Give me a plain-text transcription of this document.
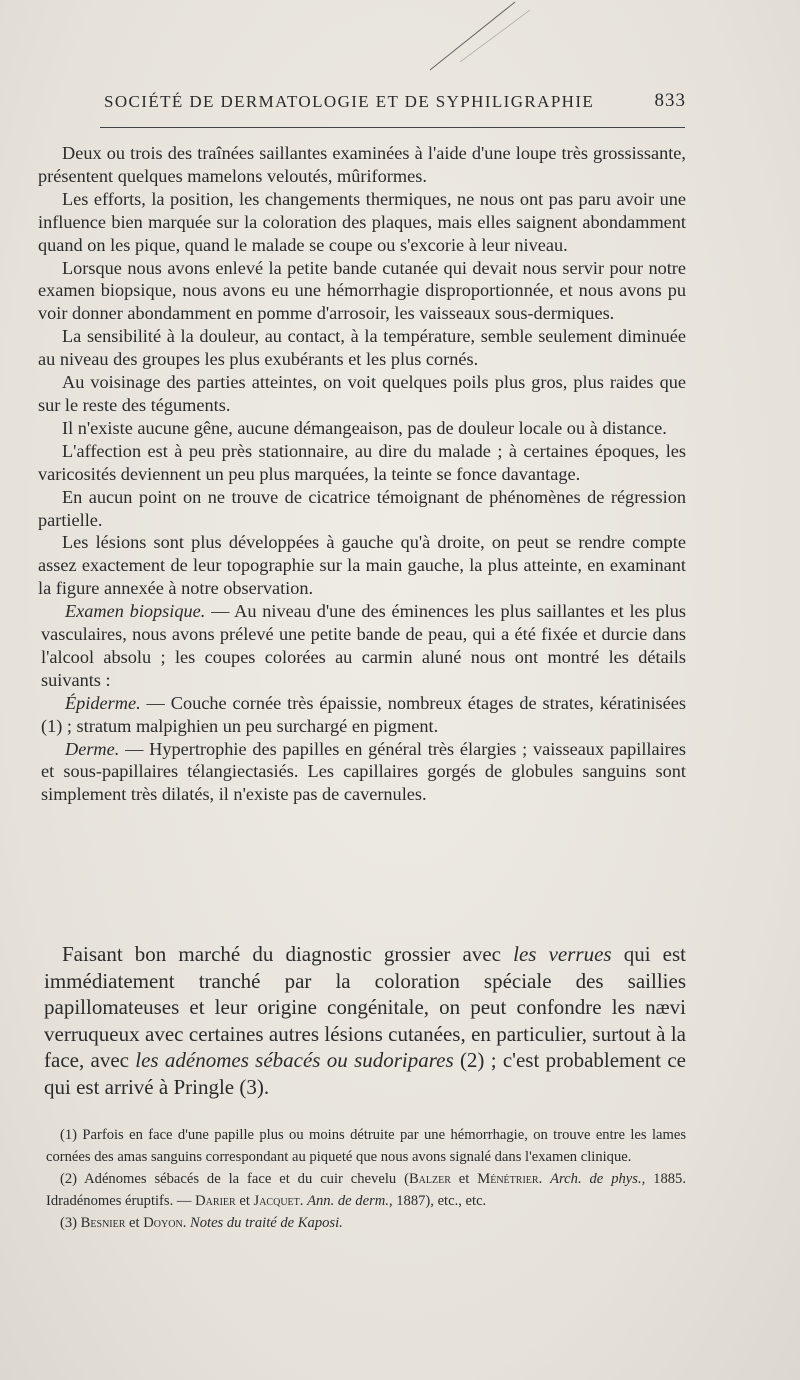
SOCIÉTÉ DE DERMATOLOGIE ET DE SYPHILIGRAPHIE	833

Deux ou trois des traînées saillantes examinées à l'aide d'une loupe très grossissante, présentent quelques mamelons veloutés, mûriformes.

Les efforts, la position, les changements thermiques, ne nous ont pas paru avoir une influence bien marquée sur la coloration des plaques, mais elles saignent abondamment quand on les pique, quand le malade se coupe ou s'excorie à leur niveau.

Lorsque nous avons enlevé la petite bande cutanée qui devait nous servir pour notre examen biopsique, nous avons eu une hémorrhagie disproportionnée, et nous avons pu voir donner abondamment en pomme d'arrosoir, les vaisseaux sous-dermiques.

La sensibilité à la douleur, au contact, à la température, semble seulement diminuée au niveau des groupes les plus exubérants et les plus cornés.

Au voisinage des parties atteintes, on voit quelques poils plus gros, plus raides que sur le reste des téguments.

Il n'existe aucune gêne, aucune démangeaison, pas de douleur locale ou à distance.

L'affection est à peu près stationnaire, au dire du malade ; à certaines époques, les varicosités deviennent un peu plus marquées, la teinte se fonce davantage.

En aucun point on ne trouve de cicatrice témoignant de phénomènes de régression partielle.

Les lésions sont plus développées à gauche qu'à droite, on peut se rendre compte assez exactement de leur topographie sur la main gauche, la plus atteinte, en examinant la figure annexée à notre observation.

Examen biopsique. — Au niveau d'une des éminences les plus saillantes et les plus vasculaires, nous avons prélevé une petite bande de peau, qui a été fixée et durcie dans l'alcool absolu ; les coupes colorées au carmin aluné nous ont montré les détails suivants :

Épiderme. — Couche cornée très épaissie, nombreux étages de strates, kératinisées (1) ; stratum malpighien un peu surchargé en pigment.

Derme. — Hypertrophie des papilles en général très élargies ; vaisseaux papillaires et sous-papillaires télangiectasiés. Les capillaires gorgés de globules sanguins sont simplement très dilatés, il n'existe pas de cavernules.

Faisant bon marché du diagnostic grossier avec les verrues qui est immédiatement tranché par la coloration spéciale des saillies papillomateuses et leur origine congénitale, on peut confondre les nævi verruqueux avec certaines autres lésions cutanées, en particulier, surtout à la face, avec les adénomes sébacés ou sudoripares (2) ; c'est probablement ce qui est arrivé à Pringle (3).

(1) Parfois en face d'une papille plus ou moins détruite par une hémorrhagie, on trouve entre les lames cornées des amas sanguins correspondant au piqueté que nous avons signalé dans l'examen clinique.

(2) Adénomes sébacés de la face et du cuir chevelu (Balzer et Ménétrier. Arch. de phys., 1885. Idradénomes éruptifs. — Darier et Jacquet. Ann. de derm., 1887), etc., etc.

(3) Besnier et Doyon. Notes du traité de Kaposi.
